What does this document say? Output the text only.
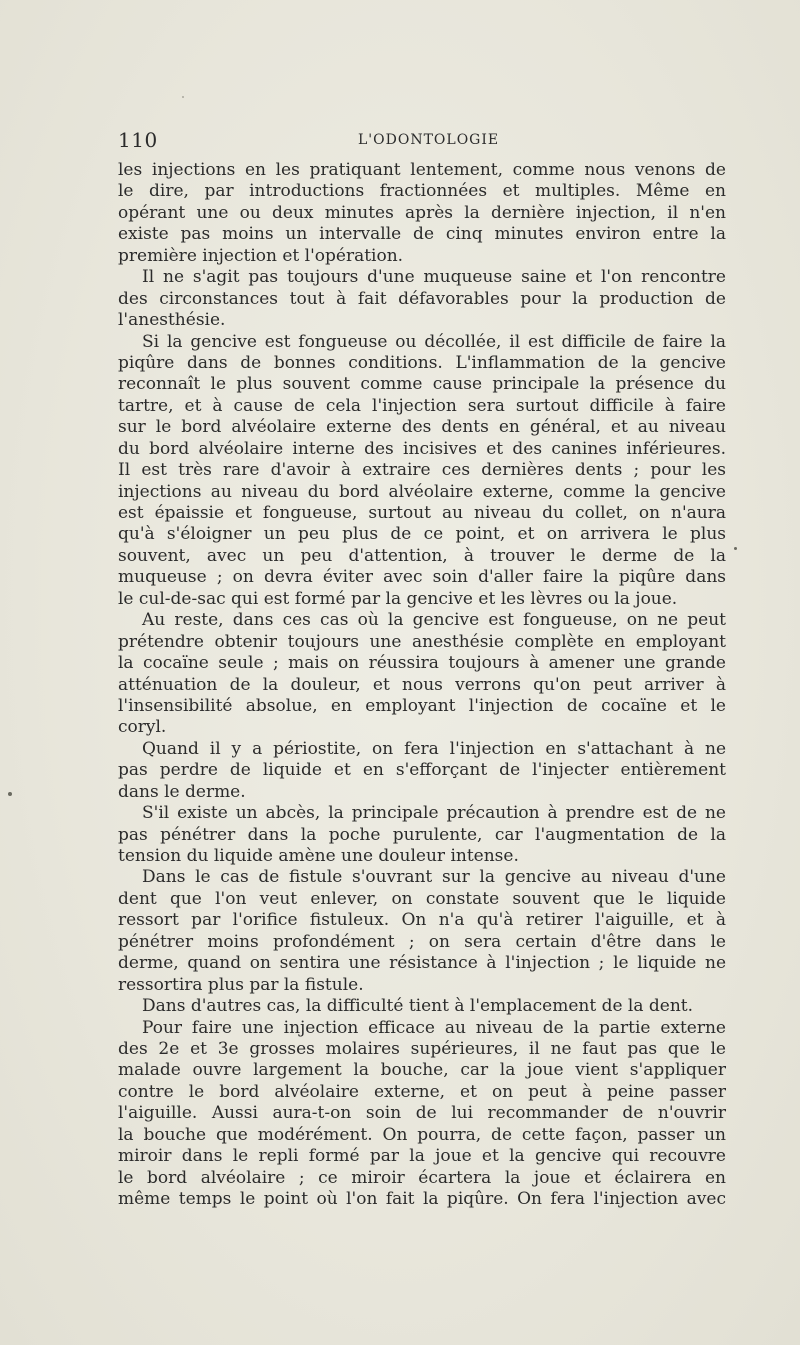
110	L'ODONTOLOGIE
les injections en les pratiquant lentement, comme nous venons de
le dire, par introductions fractionnées et multiples. Même en
opérant une ou deux minutes après la dernière injection, il n'en
existe pas moins un intervalle de cinq minutes environ entre la
première injection et l'opération.
Il ne s'agit pas toujours d'une muqueuse saine et l'on rencontre
des circonstances tout à fait défavorables pour la production de
l'anesthésie.
Si la gencive est fongueuse ou décollée, il est difficile de faire la
piqûre dans de bonnes conditions. L'inflammation de la gencive
reconnaît le plus souvent comme cause principale la présence du
tartre, et à cause de cela l'injection sera surtout difficile à faire
sur le bord alvéolaire externe des dents en général, et au niveau
du bord alvéolaire interne des incisives et des canines inférieures.
Il est très rare d'avoir à extraire ces dernières dents ; pour les
injections au niveau du bord alvéolaire externe, comme la gencive
est épaissie et fongueuse, surtout au niveau du collet, on n'aura
qu'à s'éloigner un peu plus de ce point, et on arrivera le plus
souvent, avec un peu d'attention, à trouver le derme de la
muqueuse ; on devra éviter avec soin d'aller faire la piqûre dans
le cul-de-sac qui est formé par la gencive et les lèvres ou la joue.
Au reste, dans ces cas où la gencive est fongueuse, on ne peut
prétendre obtenir toujours une anesthésie complète en employant
la cocaïne seule ; mais on réussira toujours à amener une grande
atténuation de la douleur, et nous verrons qu'on peut arriver à
l'insensibilité absolue, en employant l'injection de cocaïne et le
coryl.
Quand il y a périostite, on fera l'injection en s'attachant à ne
pas perdre de liquide et en s'efforçant de l'injecter entièrement
dans le derme.
S'il existe un abcès, la principale précaution à prendre est de ne
pas pénétrer dans la poche purulente, car l'augmentation de la
tension du liquide amène une douleur intense.
Dans le cas de fistule s'ouvrant sur la gencive au niveau d'une
dent que l'on veut enlever, on constate souvent que le liquide
ressort par l'orifice fistuleux. On n'a qu'à retirer l'aiguille, et à
pénétrer moins profondément ; on sera certain d'être dans le
derme, quand on sentira une résistance à l'injection ; le liquide ne
ressortira plus par la fistule.
Dans d'autres cas, la difficulté tient à l'emplacement de la dent.
Pour faire une injection efficace au niveau de la partie externe
des 2e et 3e grosses molaires supérieures, il ne faut pas que le
malade ouvre largement la bouche, car la joue vient s'appliquer
contre le bord alvéolaire externe, et on peut à peine passer
l'aiguille. Aussi aura-t-on soin de lui recommander de n'ouvrir
la bouche que modérément. On pourra, de cette façon, passer un
miroir dans le repli formé par la joue et la gencive qui recouvre
le bord alvéolaire ; ce miroir écartera la joue et éclairera en
même temps le point où l'on fait la piqûre. On fera l'injection avec
